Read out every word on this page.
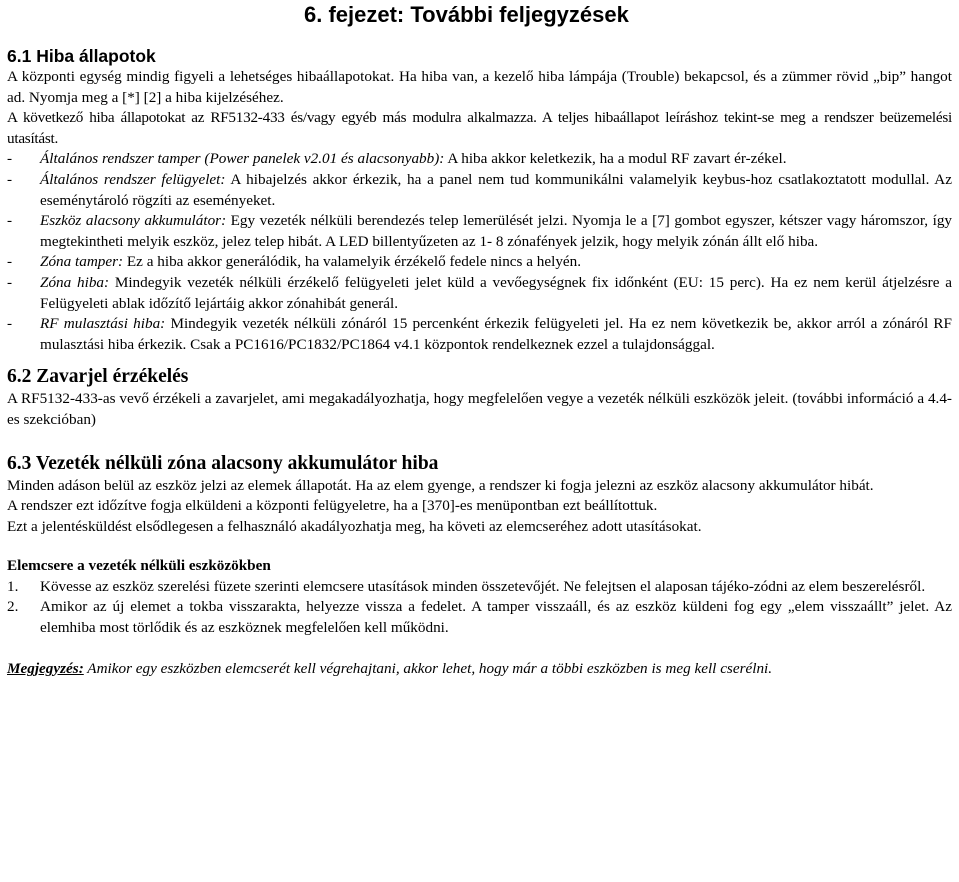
6. fejezet: További feljegyzések
6.1 Hiba állapotok

A központi egység mindig figyeli a lehetséges hibaállapotokat. Ha hiba van, a kezelő hiba lámpája (Trouble) bekapcsol, és a zümmer rövid „bip” hangot ad. Nyomja meg a [*] [2] a hiba kijelzéséhez.

A következő hiba állapotokat az RF5132-433 és/vagy egyéb más modulra alkalmazza. A teljes hibaállapot leíráshoz tekint-se meg a rendszer beüzemelési utasítást.

- Általános rendszer tamper (Power panelek v2.01 és alacsonyabb): A hiba akkor keletkezik, ha a modul RF zavart ér-zékel.
- Általános rendszer felügyelet: A hibajelzés akkor érkezik, ha a panel nem tud kommunikálni valamelyik keybus-hoz csatlakoztatott modullal. Az eseménytároló rögzíti az eseményeket.
- Eszköz alacsony akkumulátor: Egy vezeték nélküli berendezés telep lemerülését jelzi. Nyomja le a [7] gombot egyszer, kétszer vagy háromszor, így megtekintheti melyik eszköz, jelez telep hibát. A LED billentyűzeten az 1- 8 zónafények jelzik, hogy melyik zónán állt elő hiba.
- Zóna tamper: Ez a hiba akkor generálódik, ha valamelyik érzékelő fedele nincs a helyén.
- Zóna hiba: Mindegyik vezeték nélküli érzékelő felügyeleti jelet küld a vevőegységnek fix időnként (EU: 15 perc). Ha ez nem kerül átjelzésre a Felügyeleti ablak időzítő lejártáig akkor zónahibát generál.
- RF mulasztási hiba: Mindegyik vezeték nélküli zónáról 15 percenként érkezik felügyeleti jel. Ha ez nem következik be, akkor arról a zónáról RF mulasztási hiba érkezik. Csak a PC1616/PC1832/PC1864 v4.1 központok rendelkeznek ezzel a tulajdonsággal.
6.2 Zavarjel érzékelés

A RF5132-433-as vevő érzékeli a zavarjelet, ami megakadályozhatja, hogy megfelelően vegye a vezeték nélküli eszközök jeleit. (további információ a 4.4-es szekcióban)

6.3 Vezeték nélküli zóna alacsony akkumulátor hiba

Minden adáson belül az eszköz jelzi az elemek állapotát. Ha az elem gyenge, a rendszer ki fogja jelezni az eszköz alacsony akkumulátor hibát.

A rendszer ezt időzítve fogja elküldeni a központi felügyeletre, ha a [370]-es menüpontban ezt beállítottuk.

Ezt a jelentésküldést elsődlegesen a felhasználó akadályozhatja meg, ha követi az elemcseréhez adott utasításokat.

Elemcsere a vezeték nélküli eszközökben
1. Kövesse az eszköz szerelési füzete szerinti elemcsere utasítások minden összetevőjét. Ne felejtsen el alaposan tájéko-zódni az elem beszerelésről.
2. Amikor az új elemet a tokba visszarakta, helyezze vissza a fedelet. A tamper visszaáll, és az eszköz küldeni fog egy „elem visszaállt” jelet. Az elemhiba most törlődik és az eszköznek megfelelően kell működni.

Megjegyzés: Amikor egy eszközben elemcserét kell végrehajtani, akkor lehet, hogy már a többi eszközben is meg kell cserélni.
